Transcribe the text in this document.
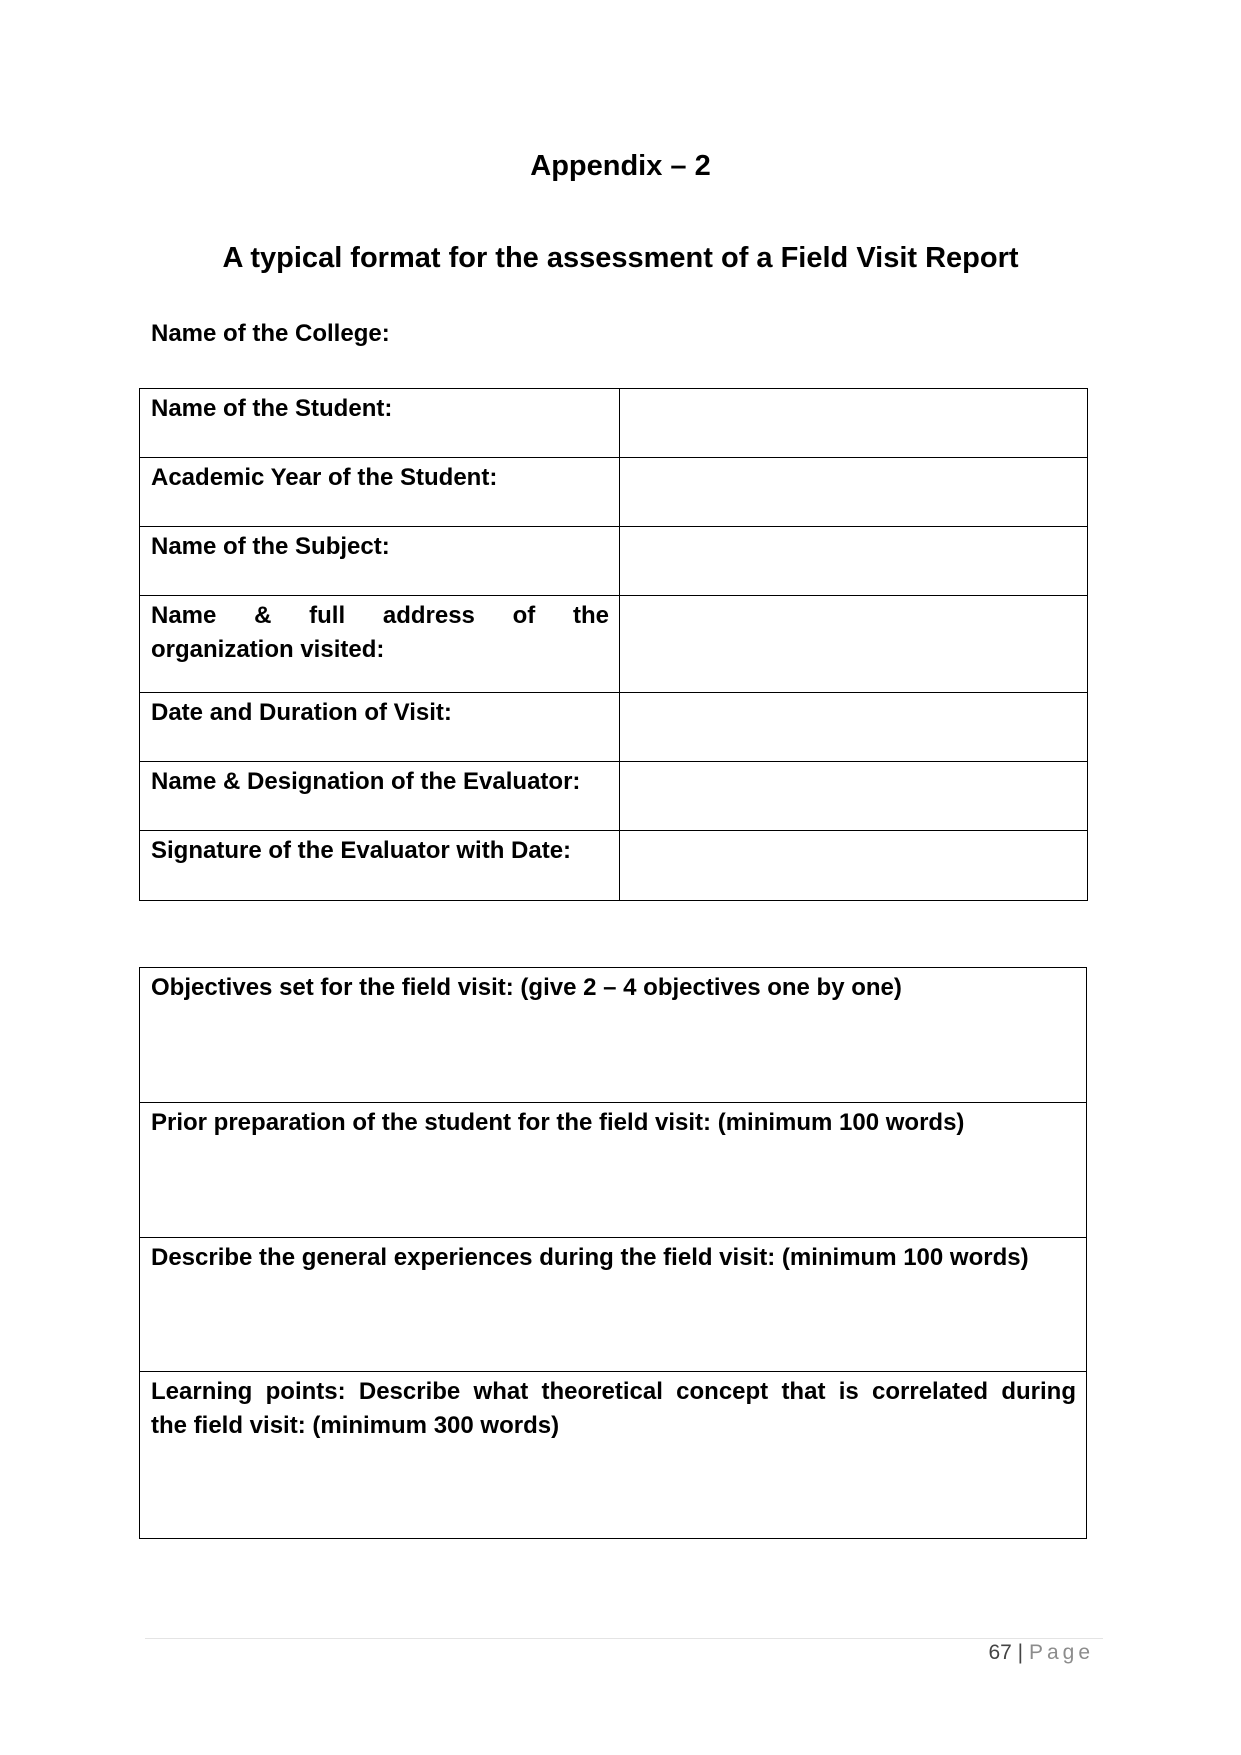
Appendix – 2
A typical format for the assessment of a Field Visit Report

Name of the College:

Name of the Student:	
Academic Year of the Student:	
Name of the Subject:	

Name & full address of the
organization visited:	
Date and Duration of Visit:	
Name & Designation of the Evaluator:	
Signature of the Evaluator with Date:	
Objectives set for the field visit: (give 2 – 4 objectives one by one)
Prior preparation of the student for the field visit: (minimum 100 words)
Describe the general experiences during the field visit: (minimum 100 words)

Learning points: Describe what theoretical concept that is correlated during
the field visit: (minimum 300 words)

67 | Page
